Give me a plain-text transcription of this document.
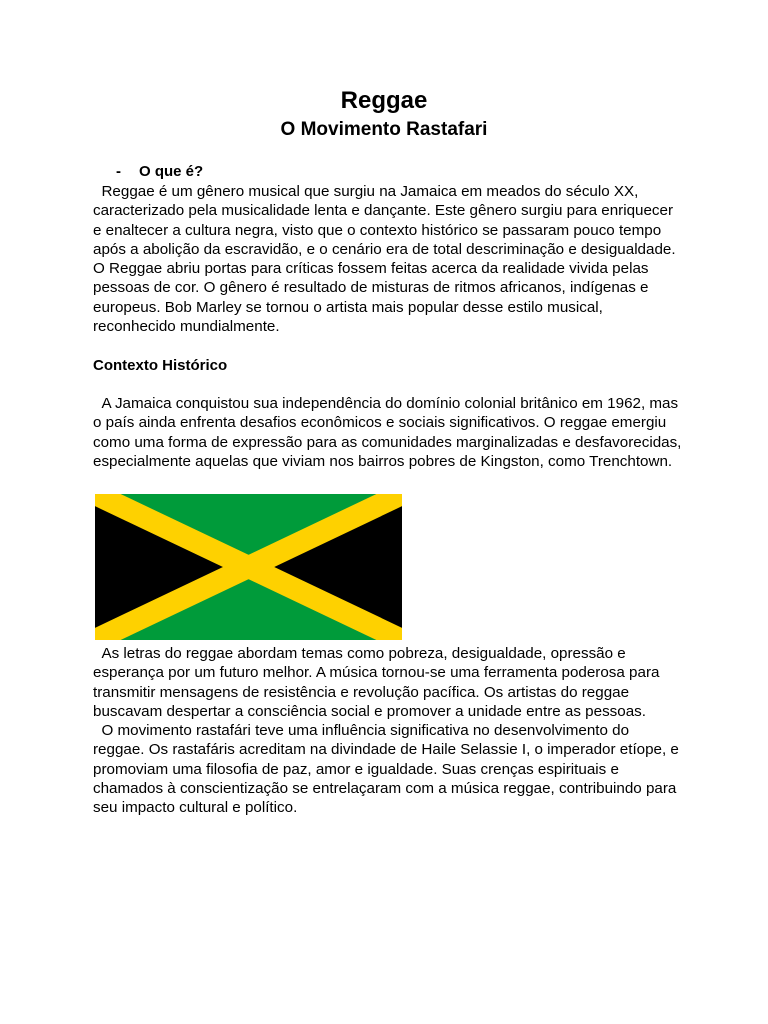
Reggae
O Movimento Rastafari
- O que é?

Reggae é um gênero musical que surgiu na Jamaica em meados do século XX, caracterizado pela musicalidade lenta e dançante. Este gênero surgiu para enriquecer e enaltecer a cultura negra, visto que o contexto histórico se passaram pouco tempo após a abolição da escravidão, e o cenário era de total descriminação e desigualdade. O Reggae abriu portas para críticas fossem feitas acerca da realidade vivida pelas pessoas de cor. O gênero é resultado de misturas de ritmos africanos, indígenas e europeus. Bob Marley se tornou o artista mais popular desse estilo musical, reconhecido mundialmente.

Contexto Histórico

A Jamaica conquistou sua independência do domínio colonial britânico em 1962, mas o país ainda enfrenta desafios econômicos e sociais significativos. O reggae emergiu como uma forma de expressão para as comunidades marginalizadas e desfavorecidas, especialmente aquelas que viviam nos bairros pobres de Kingston, como Trenchtown.

As letras do reggae abordam temas como pobreza, desigualdade, opressão e esperança por um futuro melhor. A música tornou-se uma ferramenta poderosa para transmitir mensagens de resistência e revolução pacífica. Os artistas do reggae buscavam despertar a consciência social e promover a unidade entre as pessoas.

O movimento rastafári teve uma influência significativa no desenvolvimento do reggae. Os rastafáris acreditam na divindade de Haile Selassie I, o imperador etíope, e promoviam uma filosofia de paz, amor e igualdade. Suas crenças espirituais e chamados à conscientização se entrelaçaram com a música reggae, contribuindo para seu impacto cultural e político.
